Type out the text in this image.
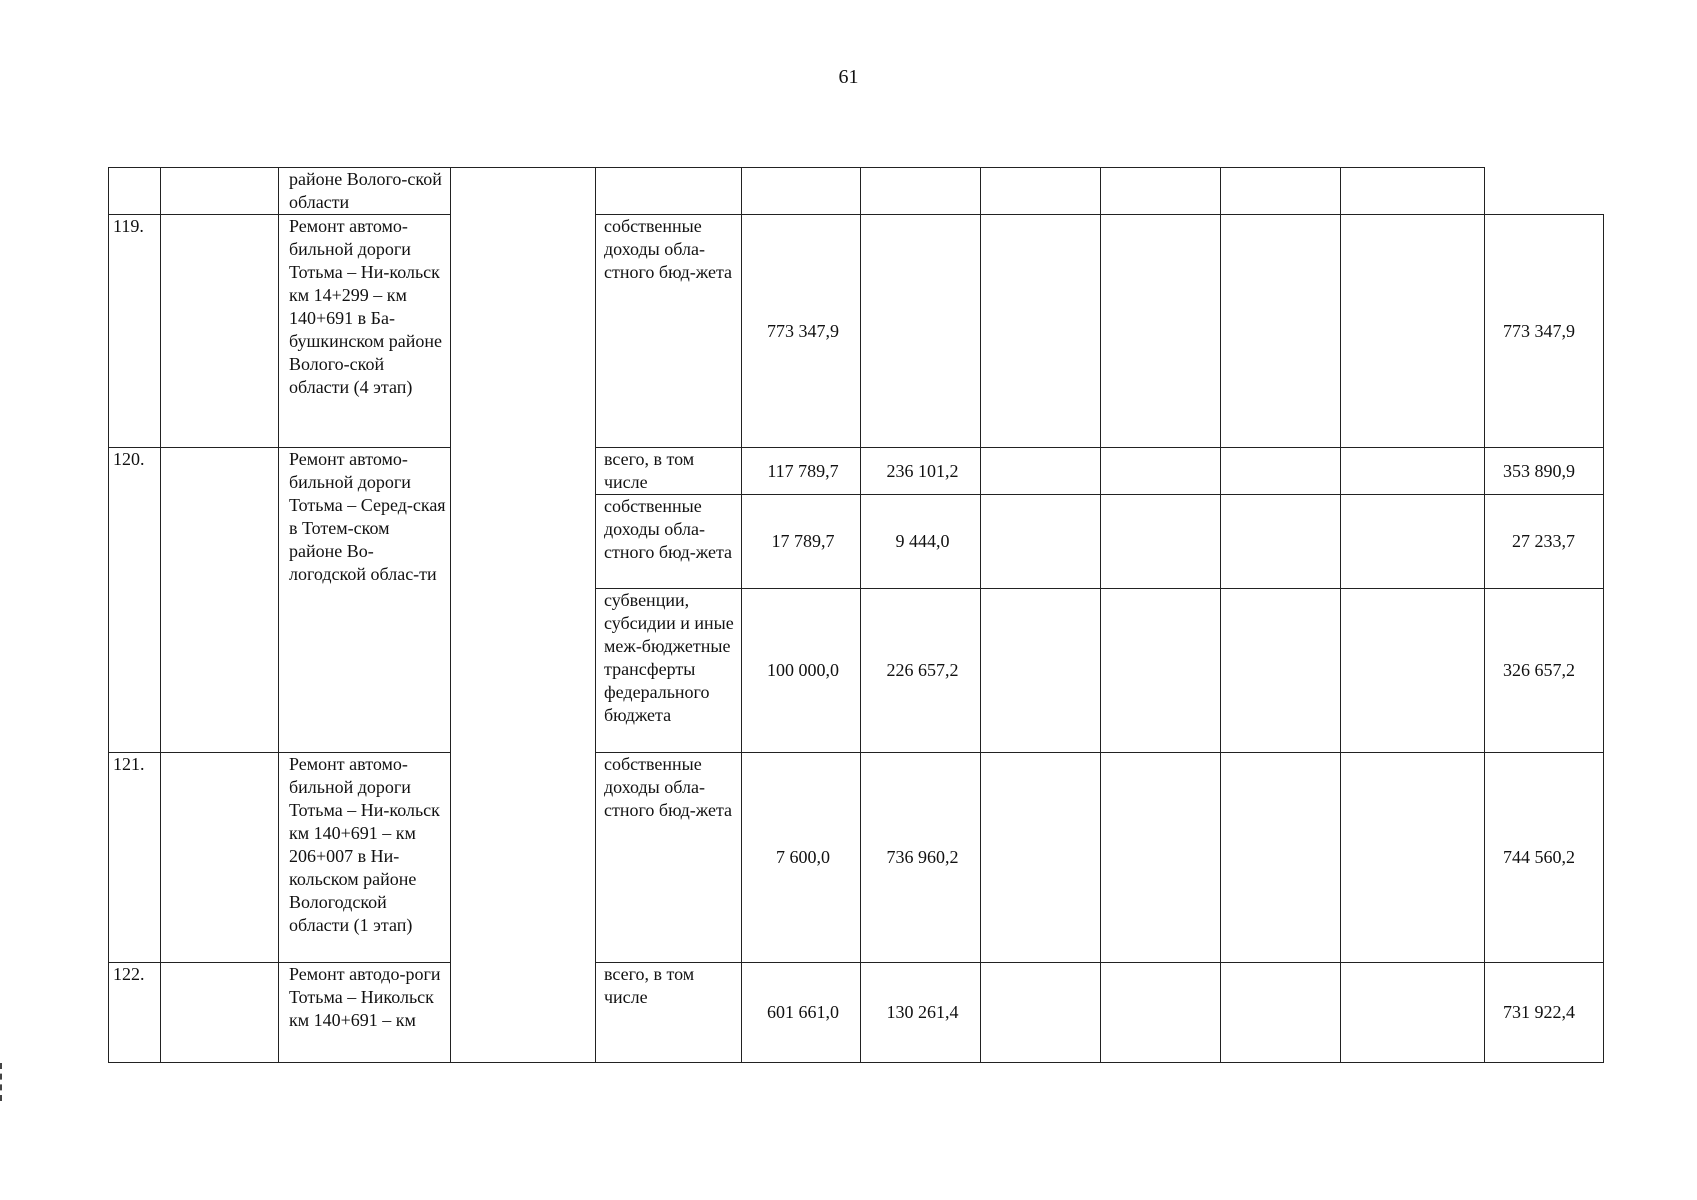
61
		районе Волого-ской области									
119.		Ремонт автомо-бильной дороги Тотьма – Ни-кольск км 14+299 – км 140+691 в Ба-бушкинском районе Волого-ской области (4 этап)		собственные доходы обла-стного бюд-жета	773 347,9						773 347,9
120.		Ремонт автомо-бильной дороги Тотьма – Серед-ская в Тотем-ском районе Во-логодской облас-ти		всего, в том числе	117 789,7	236 101,2					353 890,9
				собственные доходы обла-стного бюд-жета	17 789,7	9 444,0					27 233,7
				субвенции, субсидии и иные меж-бюджетные трансферты федерального бюджета	100 000,0	226 657,2					326 657,2
121.		Ремонт автомо-бильной дороги Тотьма – Ни-кольск км 140+691 – км 206+007 в Ни-кольском районе Вологодской области (1 этап)		собственные доходы обла-стного бюд-жета	7 600,0	736 960,2					744 560,2
122.		Ремонт автодо-роги Тотьма – Никольск км 140+691 – км		всего, в том числе	601 661,0	130 261,4					731 922,4
